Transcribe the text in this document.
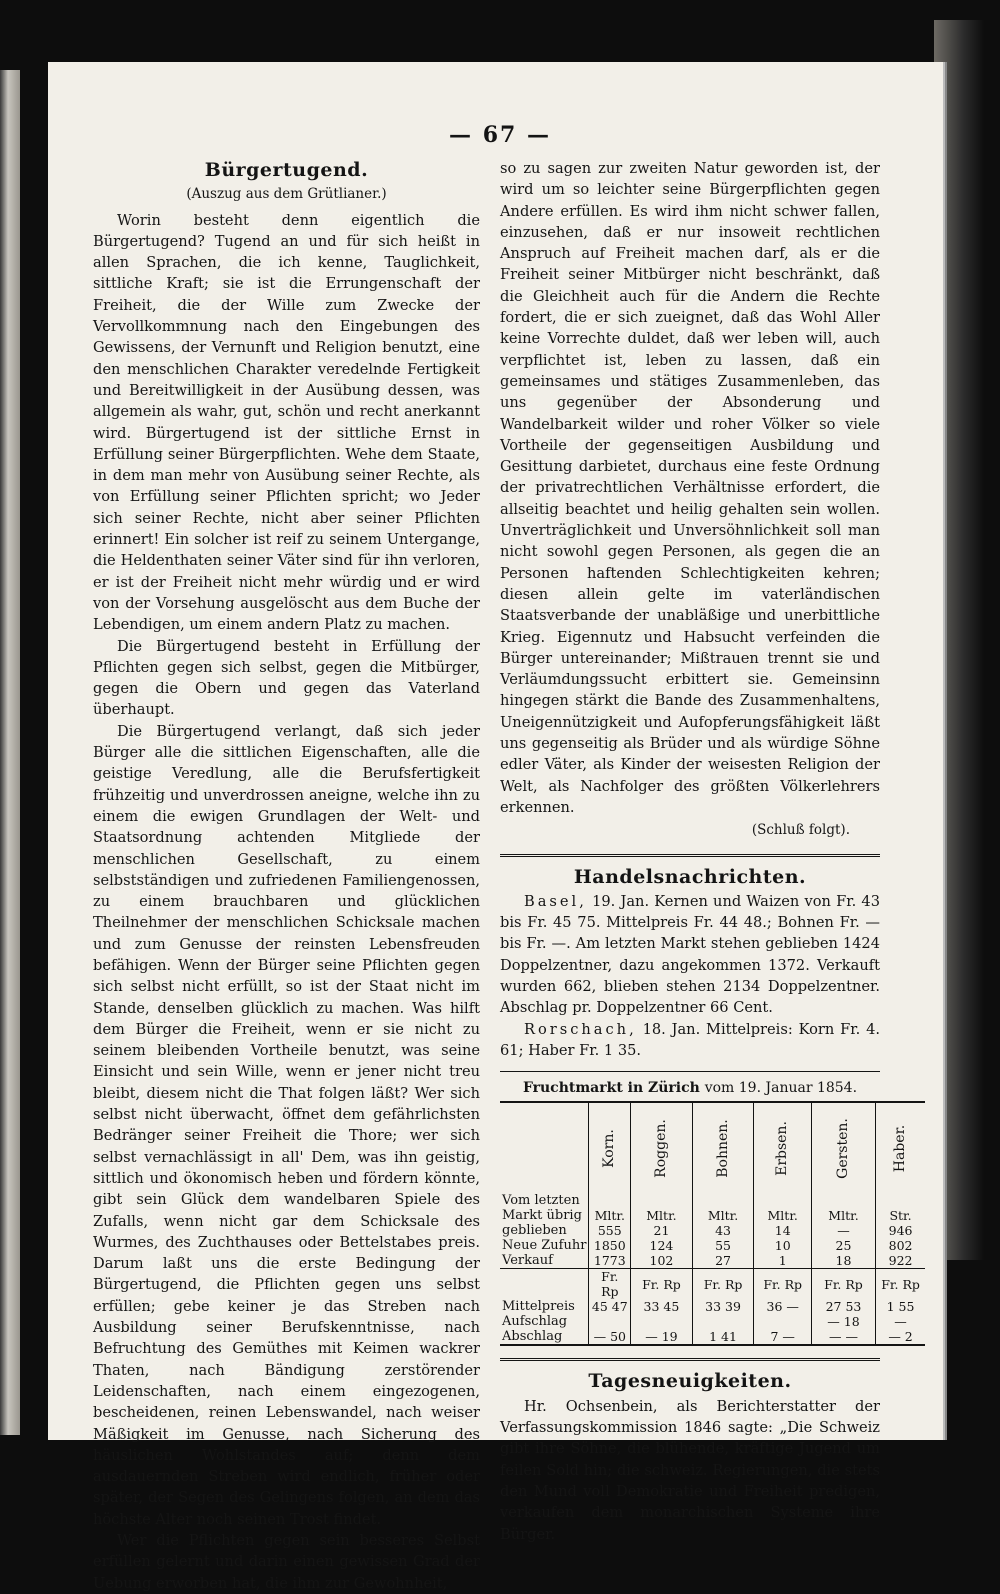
— 67 —
Bürgertugend.
(Auszug aus dem Grütlianer.)

Worin besteht denn eigentlich die Bürgertugend? Tugend an und für sich heißt in allen Sprachen, die ich kenne, Tauglichkeit, sittliche Kraft; sie ist die Errungenschaft der Freiheit, die der Wille zum Zwecke der Vervollkommnung nach den Eingebungen des Gewissens, der Vernunft und Religion benutzt, eine den menschlichen Charakter veredelnde Fertigkeit und Bereitwilligkeit in der Ausübung dessen, was allgemein als wahr, gut, schön und recht anerkannt wird. Bürgertugend ist der sittliche Ernst in Erfüllung seiner Bürgerpflichten. Wehe dem Staate, in dem man mehr von Ausübung seiner Rechte, als von Erfüllung seiner Pflichten spricht; wo Jeder sich seiner Rechte, nicht aber seiner Pflichten erinnert! Ein solcher ist reif zu seinem Untergange, die Heldenthaten seiner Väter sind für ihn verloren, er ist der Freiheit nicht mehr würdig und er wird von der Vorsehung ausgelöscht aus dem Buche der Lebendigen, um einem andern Platz zu machen.

Die Bürgertugend besteht in Erfüllung der Pflichten gegen sich selbst, gegen die Mitbürger, gegen die Obern und gegen das Vaterland überhaupt.

Die Bürgertugend verlangt, daß sich jeder Bürger alle die sittlichen Eigenschaften, alle die geistige Veredlung, alle die Berufsfertigkeit frühzeitig und unverdrossen aneigne, welche ihn zu einem die ewigen Grundlagen der Welt- und Staatsordnung achtenden Mitgliede der menschlichen Gesellschaft, zu einem selbstständigen und zufriedenen Familiengenossen, zu einem brauchbaren und glücklichen Theilnehmer der menschlichen Schicksale machen und zum Genusse der reinsten Lebensfreuden befähigen. Wenn der Bürger seine Pflichten gegen sich selbst nicht erfüllt, so ist der Staat nicht im Stande, denselben glücklich zu machen. Was hilft dem Bürger die Freiheit, wenn er sie nicht zu seinem bleibenden Vortheile benutzt, was seine Einsicht und sein Wille, wenn er jener nicht treu bleibt, diesem nicht die That folgen läßt? Wer sich selbst nicht überwacht, öffnet dem gefährlichsten Bedränger seiner Freiheit die Thore; wer sich selbst vernachlässigt in all' Dem, was ihn geistig, sittlich und ökonomisch heben und fördern könnte, gibt sein Glück dem wandelbaren Spiele des Zufalls, wenn nicht gar dem Schicksale des Wurmes, des Zuchthauses oder Bettelstabes preis. Darum laßt uns die erste Bedingung der Bürgertugend, die Pflichten gegen uns selbst erfüllen; gebe keiner je das Streben nach Ausbildung seiner Berufskenntnisse, nach Befruchtung des Gemüthes mit Keimen wackrer Thaten, nach Bändigung zerstörender Leidenschaften, nach einem eingezogenen, bescheidenen, reinen Lebenswandel, nach weiser Mäßigkeit im Genusse, nach Sicherung des häuslichen Wohlstandes auf; denn dem ausdauernden Streben wird endlich, früher oder später, der Segen des Gelingens folgen, an dem das höchste Alter noch seinen Trost findet.

Wer die Pflichten gegen sein besseres Selbst erfüllen gelernt und darin einen gewissen Grad der Uebung erworben hat, die ihm zur Gewohnheit,

so zu sagen zur zweiten Natur geworden ist, der wird um so leichter seine Bürgerpflichten gegen Andere erfüllen. Es wird ihm nicht schwer fallen, einzusehen, daß er nur insoweit rechtlichen Anspruch auf Freiheit machen darf, als er die Freiheit seiner Mitbürger nicht beschränkt, daß die Gleichheit auch für die Andern die Rechte fordert, die er sich zueignet, daß das Wohl Aller keine Vorrechte duldet, daß wer leben will, auch verpflichtet ist, leben zu lassen, daß ein gemeinsames und stätiges Zusammenleben, das uns gegenüber der Absonderung und Wandelbarkeit wilder und roher Völker so viele Vortheile der gegenseitigen Ausbildung und Gesittung darbietet, durchaus eine feste Ordnung der privatrechtlichen Verhältnisse erfordert, die allseitig beachtet und heilig gehalten sein wollen. Unverträglichkeit und Unversöhnlichkeit soll man nicht sowohl gegen Personen, als gegen die an Personen haftenden Schlechtigkeiten kehren; diesen allein gelte im vaterländischen Staatsverbande der unabläßige und unerbittliche Krieg. Eigennutz und Habsucht verfeinden die Bürger untereinander; Mißtrauen trennt sie und Verläumdungssucht erbittert sie. Gemeinsinn hingegen stärkt die Bande des Zusammenhaltens, Uneigennützigkeit und Aufopferungsfähigkeit läßt uns gegenseitig als Brüder und als würdige Söhne edler Väter, als Kinder der weisesten Religion der Welt, als Nachfolger des größten Völkerlehrers erkennen.

(Schluß folgt).

Handelsnachrichten.

Basel, 19. Jan. Kernen und Waizen von Fr. 43 bis Fr. 45 75. Mittelpreis Fr. 44 48.; Bohnen Fr. — bis Fr. —. Am letzten Markt stehen geblieben 1424 Doppelzentner, dazu angekommen 1372. Verkauft wurden 662, blieben stehen 2134 Doppelzentner. Abschlag pr. Doppelzentner 66 Cent.

Rorschach, 18. Jan. Mittelpreis: Korn Fr. 4. 61; Haber Fr. 1 35.

Fruchtmarkt in Zürich vom 19. Januar 1854.

	Korn.	Roggen.	Bohnen.	Erbsen.	Gersten.	Haber.
Vom letzten						
Markt übrig	Mltr.	Mltr.	Mltr.	Mltr.	Mltr.	Str.
geblieben	555	21	43	14	—	946
Neue Zufuhr	1850	124	55	10	25	802
Verkauf	1773	102	27	1	18	922
	Fr. Rp	Fr. Rp	Fr. Rp	Fr. Rp	Fr. Rp	Fr. Rp
Mittelpreis	45 47	33 45	33 39	36 —	27 53	1 55
Aufschlag					— 18	—
Abschlag	— 50	— 19	1 41	7 —	— —	— 2
Tagesneuigkeiten.

Hr. Ochsenbein, als Berichterstatter der Verfassungskommission 1846 sagte: „Die Schweiz gibt ihre Söhne, die blühende, kräftige Jugend um feilen Sold hin; die schweiz. Regierungen, die stets den Mund voll Demokratie und Freiheit predigen, verkaufen dem monarchischen Systeme ihre Bürger.
